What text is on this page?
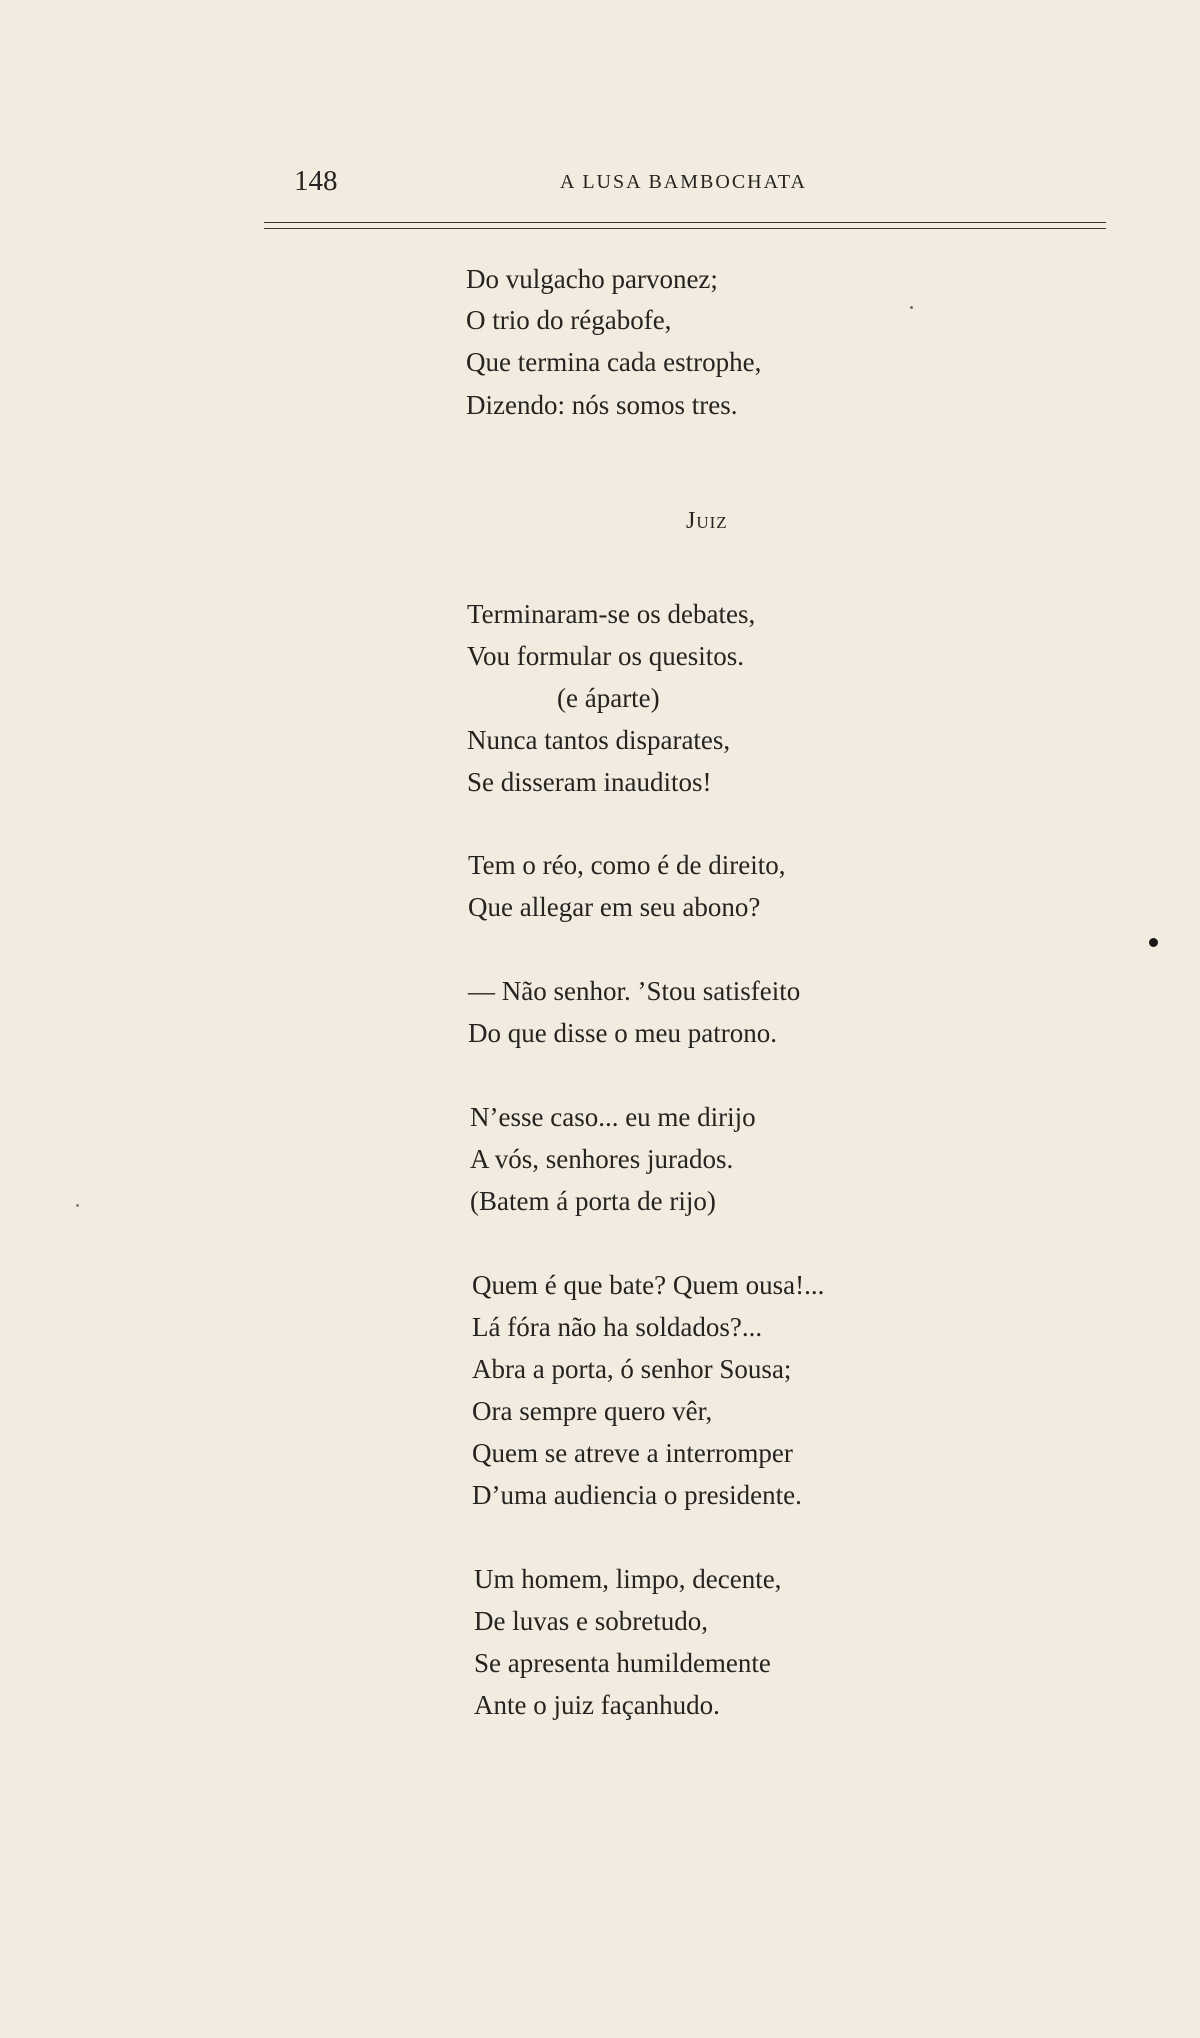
148	A LUSA BAMBOCHATA
Do vulgacho parvonez;
O trio do régabofe,
Que termina cada estrophe,
Dizendo: nós somos tres.
Juiz
Terminaram-se os debates,
Vou formular os quesitos.
(e áparte)
Nunca tantos disparates,
Se disseram inauditos!
Tem o réo, como é de direito,
Que allegar em seu abono?
— Não senhor. ’Stou satisfeito
Do que disse o meu patrono.
N’esse caso... eu me dirijo
A vós, senhores jurados.
(Batem á porta de rijo)
Quem é que bate? Quem ousa!...
Lá fóra não ha soldados?...
Abra a porta, ó senhor Sousa;
Ora sempre quero vêr,
Quem se atreve a interromper
D’uma audiencia o presidente.
Um homem, limpo, decente,
De luvas e sobretudo,
Se apresenta humildemente
Ante o juiz façanhudo.
